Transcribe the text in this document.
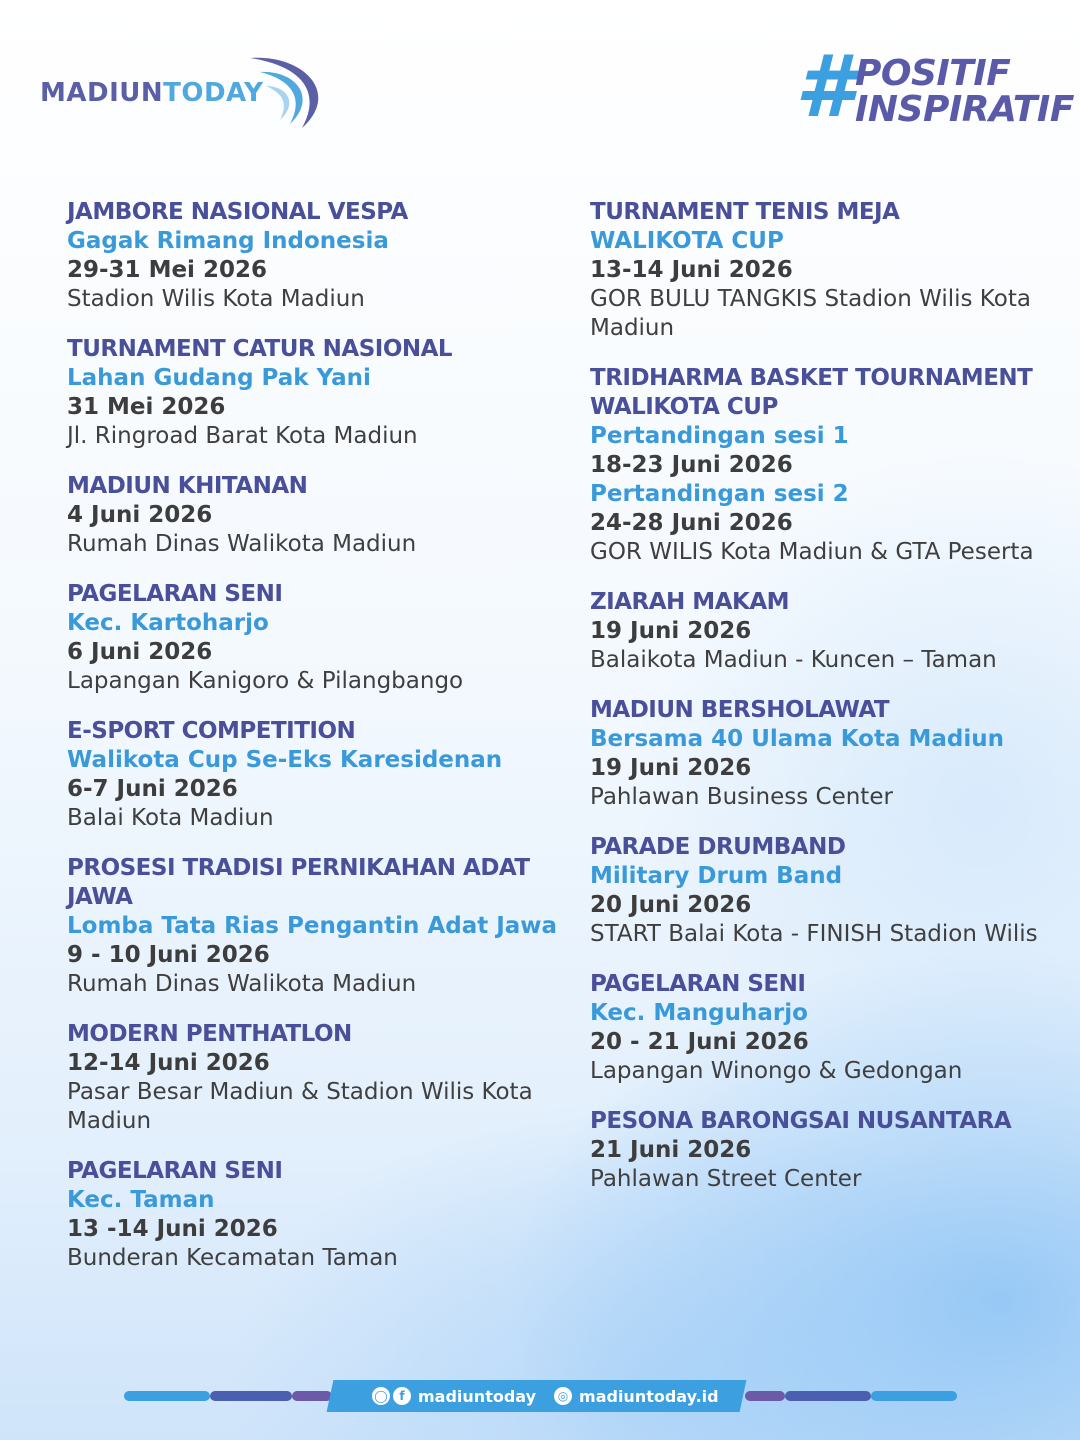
MADIUNTODAY	# POSITIF
INSPIRATIF
JAMBORE NASIONAL VESPA
Gagak Rimang Indonesia
29-31 Mei 2026
Stadion Wilis Kota Madiun
TURNAMENT CATUR NASIONAL
Lahan Gudang Pak Yani
31 Mei 2026
Jl. Ringroad Barat Kota Madiun
MADIUN KHITANAN
4 Juni 2026
Rumah Dinas Walikota Madiun
PAGELARAN SENI
Kec. Kartoharjo
6 Juni 2026
Lapangan Kanigoro & Pilangbango
E-SPORT COMPETITION
Walikota Cup Se-Eks Karesidenan
6-7 Juni 2026
Balai Kota Madiun
PROSESI TRADISI PERNIKAHAN ADAT JAWA
Lomba Tata Rias Pengantin Adat Jawa
9 - 10 Juni 2026
Rumah Dinas Walikota Madiun
MODERN PENTHATLON
12-14 Juni 2026
Pasar Besar Madiun & Stadion Wilis Kota Madiun
PAGELARAN SENI
Kec. Taman
13 -14 Juni 2026
Bunderan Kecamatan Taman
TURNAMENT TENIS MEJA
WALIKOTA CUP
13-14 Juni 2026
GOR BULU TANGKIS Stadion Wilis Kota Madiun
TRIDHARMA BASKET TOURNAMENT WALIKOTA CUP
Pertandingan sesi 1
18-23 Juni 2026
Pertandingan sesi 2
24-28 Juni 2026
GOR WILIS Kota Madiun & GTA Peserta
ZIARAH MAKAM
19 Juni 2026
Balaikota Madiun - Kuncen – Taman
MADIUN BERSHOLAWAT
Bersama 40 Ulama Kota Madiun
19 Juni 2026
Pahlawan Business Center
PARADE DRUMBAND
Military Drum Band
20 Juni 2026
START Balai Kota - FINISH Stadion Wilis
PAGELARAN SENI
Kec. Manguharjo
20 - 21 Juni 2026
Lapangan Winongo & Gedongan
PESONA BARONGSAI NUSANTARA
21 Juni 2026
Pahlawan Street Center
◯ f madiuntoday	◎ madiuntoday.id
